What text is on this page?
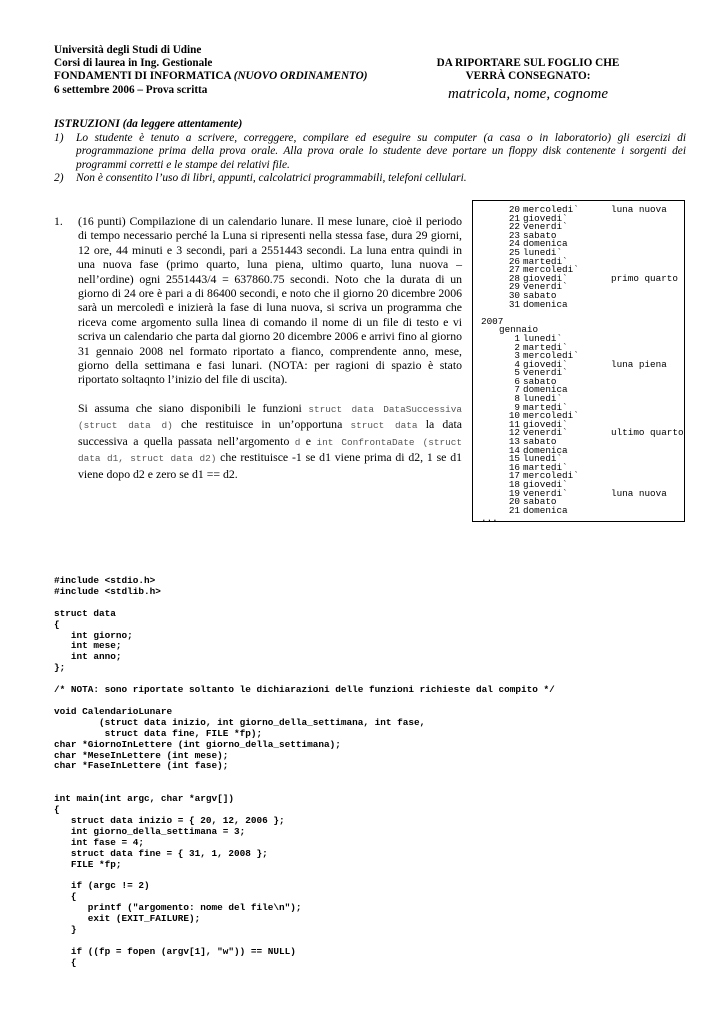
Università degli Studi di Udine
Corsi di laurea in Ing. Gestionale
FONDAMENTI DI INFORMATICA (NUOVO ORDINAMENTO)
6 settembre 2006 – Prova scritta
DA RIPORTARE SUL FOGLIO CHE
VERRÀ CONSEGNATO:
matricola, nome, cognome
ISTRUZIONI (da leggere attentamente)
1)	Lo studente è tenuto a scrivere, correggere, compilare ed eseguire su computer (a casa o in laboratorio) gli esercizi di programmazione prima della prova orale. Alla prova orale lo studente deve portare un floppy disk contenente i sorgenti dei programmi corretti e le stampe dei relativi file.
2)	Non è consentito l’uso di libri, appunti, calcolatrici programmabili, telefoni cellulari.
1.	(16 punti) Compilazione di un calendario lunare. Il mese lunare, cioè il periodo di tempo necessario perché la Luna si ripresenti nella stessa fase, dura 29 giorni, 12 ore, 44 minuti e 3 secondi, pari a 2551443 secondi. La luna entra quindi in una nuova fase (primo quarto, luna piena, ultimo quarto, luna nuova – nell’ordine) ogni 2551443/4 = 637860.75 secondi. Noto che la durata di un giorno di 24 ore è pari a di 86400 secondi, e noto che il giorno 20 dicembre 2006 sarà un mercoledì e inizierà la fase di luna nuova, si scriva un programma che riceva come argomento sulla linea di comando il nome di un file di testo e vi scriva un calendario che parta dal giorno 20 dicembre 2006 e arrivi fino al giorno 31 gennaio 2008 nel formato riportato a fianco, comprendente anno, mese, giorno della settimana e fasi lunari. (NOTA: per ragioni di spazio è stato riportato soltaqnto l’inizio del file di uscita).

Si assuma che siano disponibili le funzioni struct data DataSuccessiva (struct data d) che restituisce in un’opportuna struct data la data successiva a quella passata nell’argomento d e int ConfrontaDate (struct data d1, struct data d2) che restituisce -1 se d1 viene prima di d2, 1 se d1 viene dopo d2 e zero se d1 == d2.

20 mercoledi`	luna nuova
21 giovedi`
22 venerdi`
23 sabato
24 domenica
25 lunedi`
26 martedi`
27 mercoledi`
28 giovedi`	primo quarto
29 venerdi`
30 sabato
31 domenica
2007
gennaio
1 lunedi`
2 martedi`
3 mercoledi`
4 giovedi`	luna piena
5 venerdi`
6 sabato
7 domenica
8 lunedi`
9 martedi`
10 mercoledi`
11 giovedi`
12 venerdi`	ultimo quarto
13 sabato
14 domenica
15 lunedi`
16 martedi`
17 mercoledi`
18 giovedi`
19 venerdi`	luna nuova
20 sabato
21 domenica
...
#include <stdio.h>
#include <stdlib.h>

struct data
{
int giorno;
int mese;
int anno;
};

/* NOTA: sono riportate soltanto le dichiarazioni delle funzioni richieste dal compito */

void CalendarioLunare
(struct data inizio, int giorno_della_settimana, int fase,
struct data fine, FILE *fp);
char *GiornoInLettere (int giorno_della_settimana);
char *MeseInLettere (int mese);
char *FaseInLettere (int fase);

int main(int argc, char *argv[])
{
struct data inizio = { 20, 12, 2006 };
int giorno_della_settimana = 3;
int fase = 4;
struct data fine = { 31, 1, 2008 };
FILE *fp;

if (argc != 2)
{
printf ("argomento: nome del file\n");
exit (EXIT_FAILURE);
}

if ((fp = fopen (argv[1], "w")) == NULL)
{
